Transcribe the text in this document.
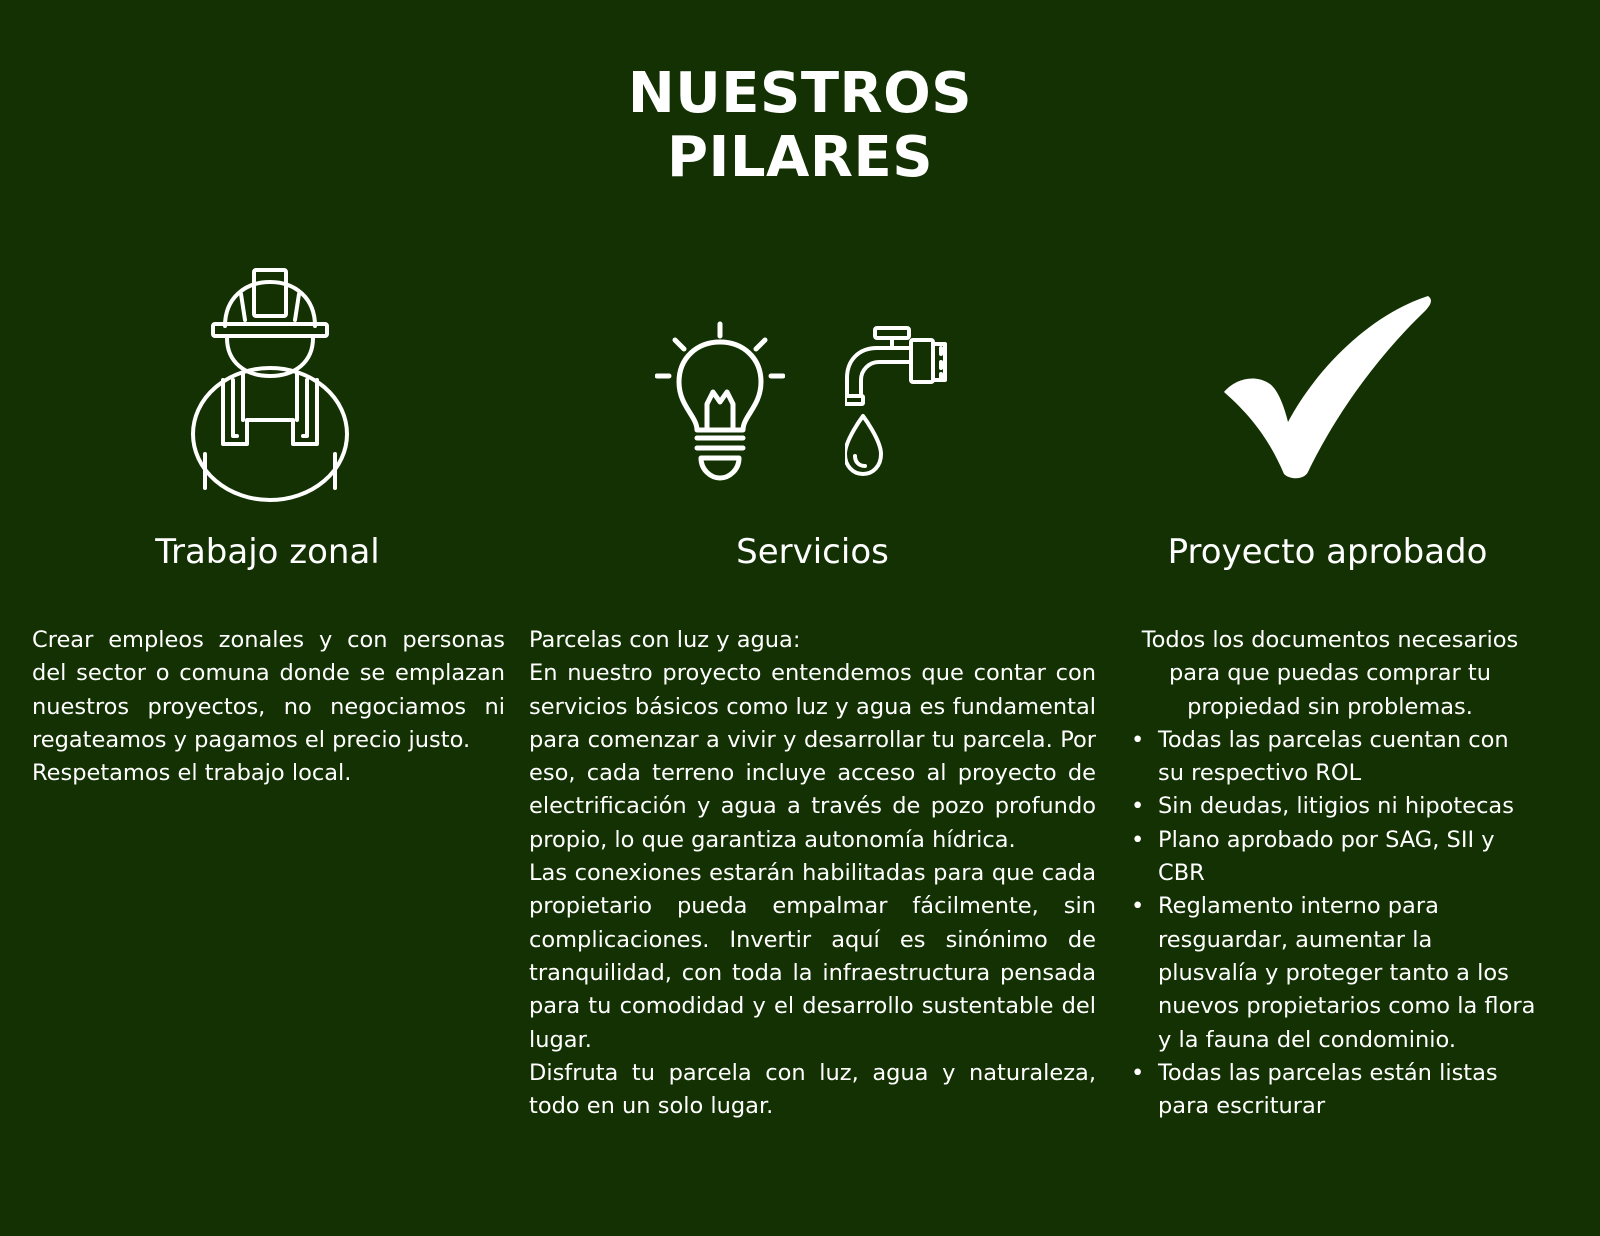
NUESTROS
PILARES
Trabajo zonal	Servicios	Proyecto aprobado

Crear empleos zonales y con personas del sector o comuna donde se emplazan nuestros proyectos, no negociamos ni regateamos y pagamos el precio justo.

Respetamos el trabajo local.

Parcelas con luz y agua:

En nuestro proyecto entendemos que contar con servicios básicos como luz y agua es fundamental para comenzar a vivir y desarrollar tu parcela. Por eso, cada terreno incluye acceso al proyecto de electrificación y agua a través de pozo profundo propio, lo que garantiza autonomía hídrica.

Las conexiones estarán habilitadas para que cada propietario pueda empalmar fácilmente, sin complicaciones. Invertir aquí es sinónimo de tranquilidad, con toda la infraestructura pensada para tu comodidad y el desarrollo sustentable del lugar.

Disfruta tu parcela con luz, agua y naturaleza, todo en un solo lugar.

Todos los documentos necesarios para que puedas comprar tu propiedad sin problemas.

• Todas las parcelas cuentan con su respectivo ROL
• Sin deudas, litigios ni hipotecas
• Plano aprobado por SAG, SII y CBR
• Reglamento interno para resguardar, aumentar la plusvalía y proteger tanto a los nuevos propietarios como la flora y la fauna del condominio.
• Todas las parcelas están listas para escriturar
